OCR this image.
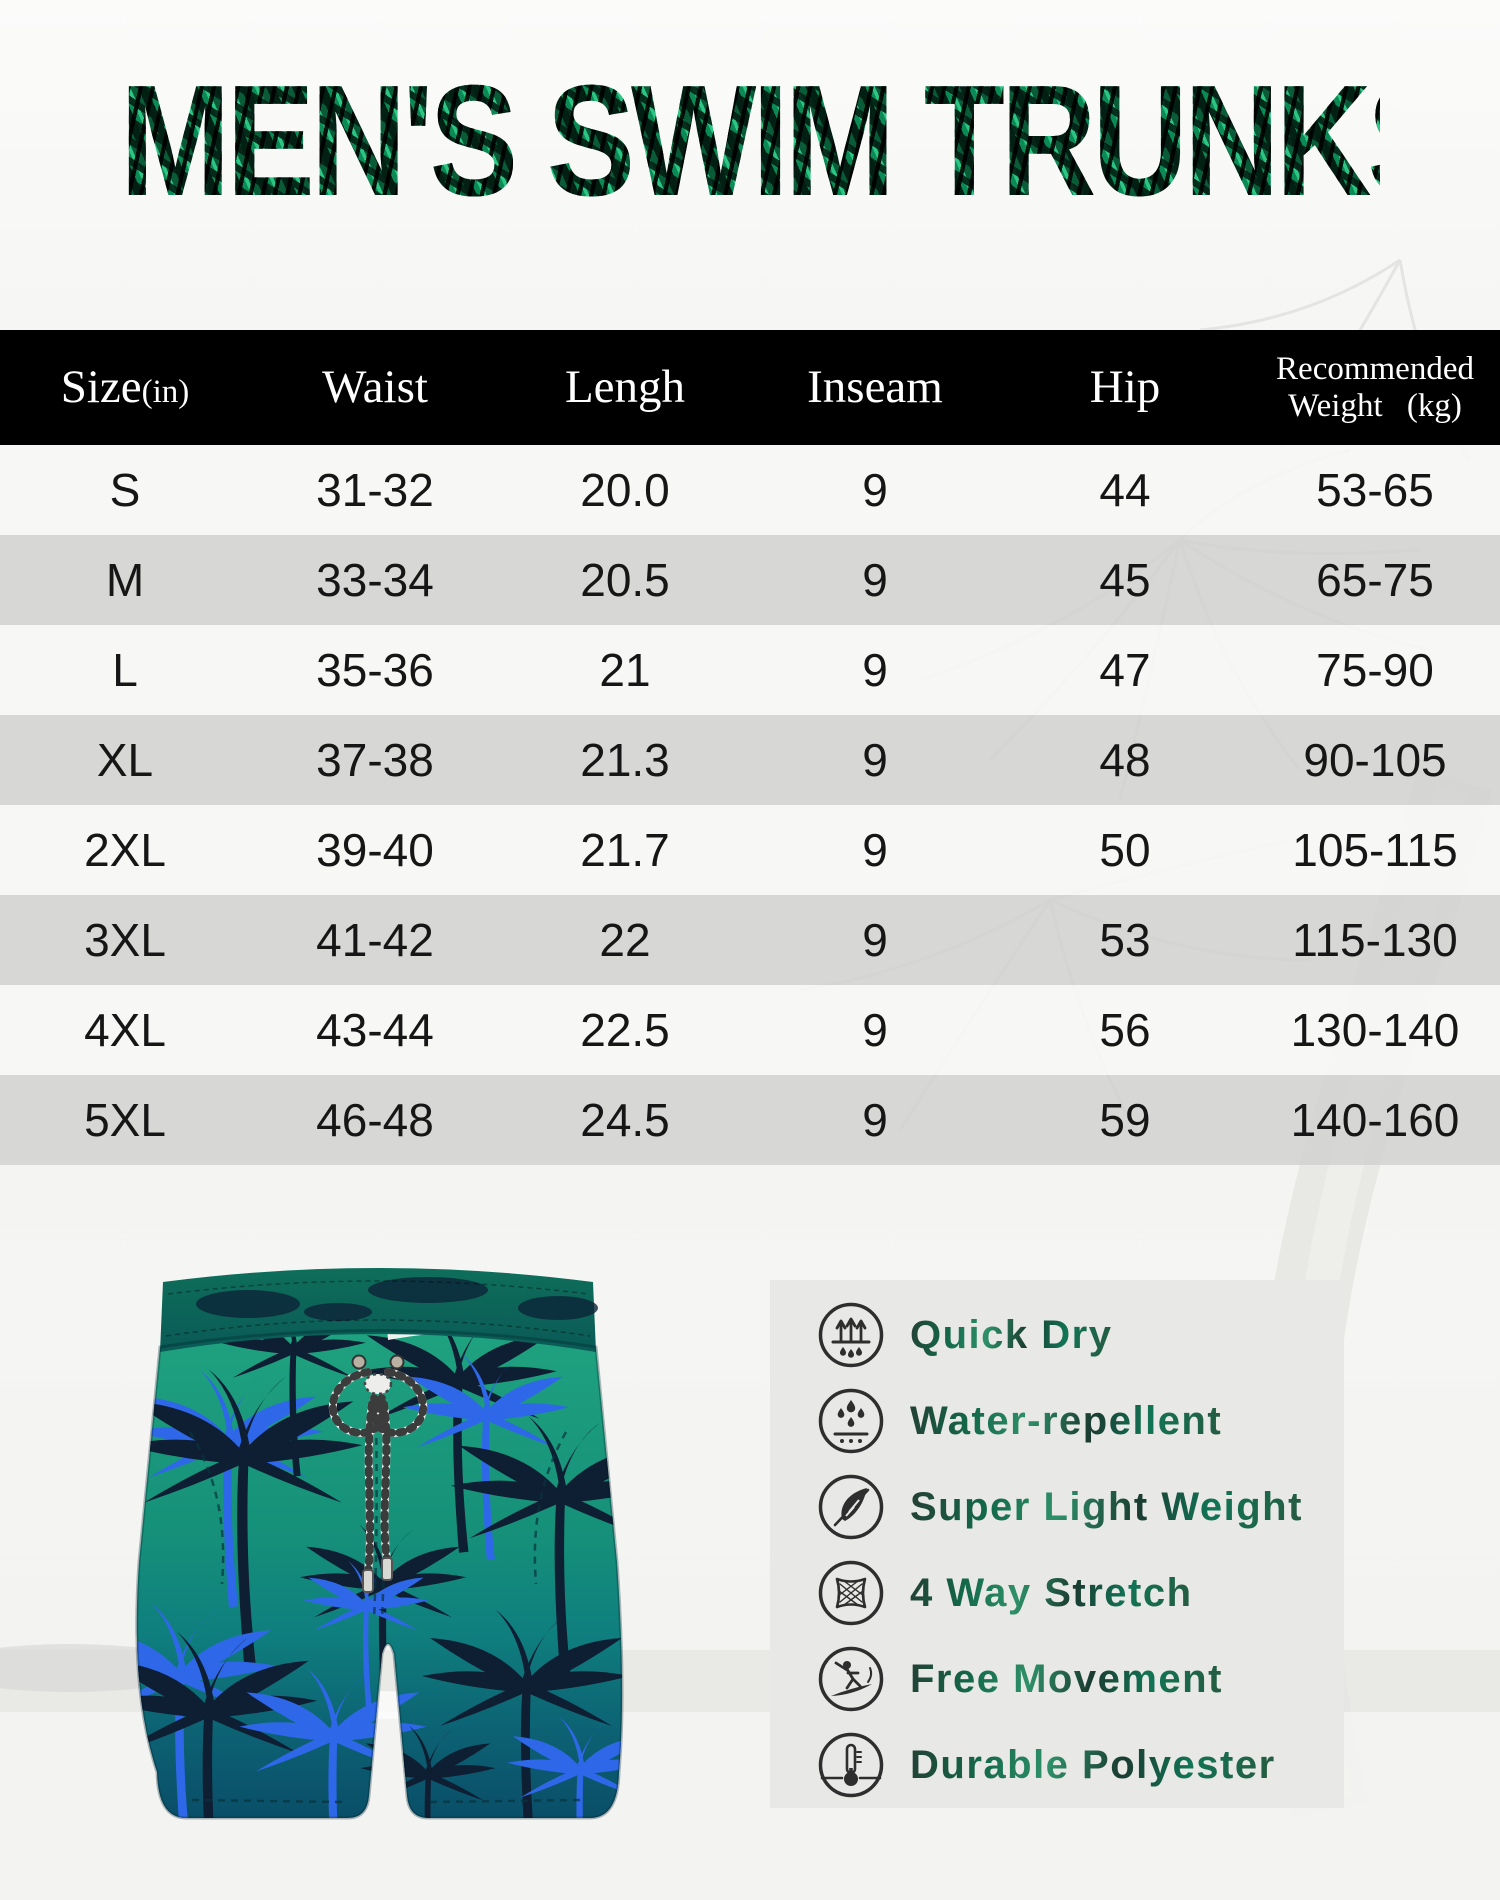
MEN'S SWIM TRUNKS
Size(in)	Waist	Lengh	Inseam	Hip	Recommended
Weight (kg)
S	31-32	20.0	9	44	53-65
M	33-34	20.5	9	45	65-75
L	35-36	21	9	47	75-90
XL	37-38	21.3	9	48	90-105
2XL	39-40	21.7	9	50	105-115
3XL	41-42	22	9	53	115-130
4XL	43-44	22.5	9	56	130-140
5XL	46-48	24.5	9	59	140-160
Quick Dry
Water-repellent
Super Light Weight
4 Way Stretch
Free Movement
Durable Polyester
